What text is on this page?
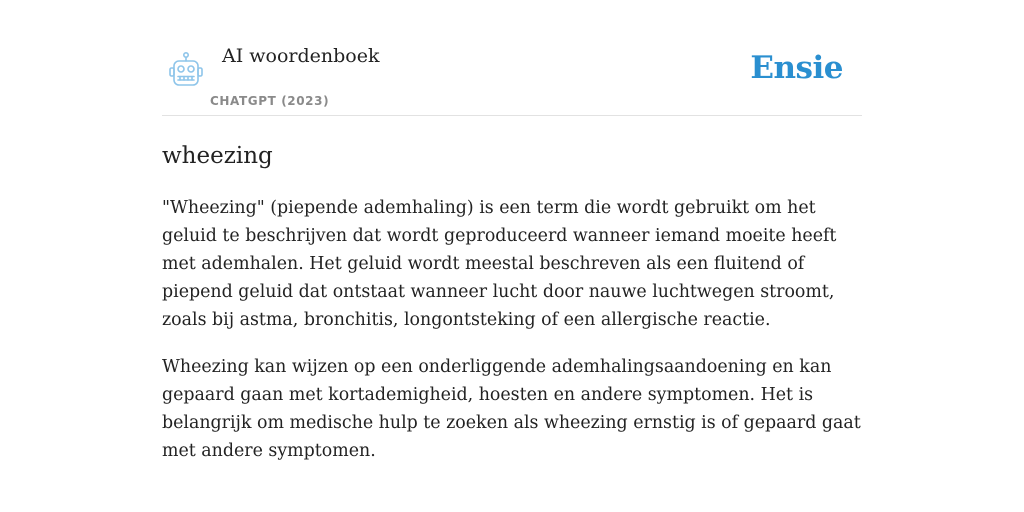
AI woordenboek
CHATGPT (2023)
Ensie
wheezing

"Wheezing" (piepende ademhaling) is een term die wordt gebruikt om het geluid te beschrijven dat wordt geproduceerd wanneer iemand moeite heeft met ademhalen. Het geluid wordt meestal beschreven als een fluitend of piepend geluid dat ontstaat wanneer lucht door nauwe luchtwegen stroomt, zoals bij astma, bronchitis, longontsteking of een allergische reactie.

Wheezing kan wijzen op een onderliggende ademhalingsaandoening en kan gepaard gaan met kortademigheid, hoesten en andere symptomen. Het is belangrijk om medische hulp te zoeken als wheezing ernstig is of gepaard gaat met andere symptomen.
